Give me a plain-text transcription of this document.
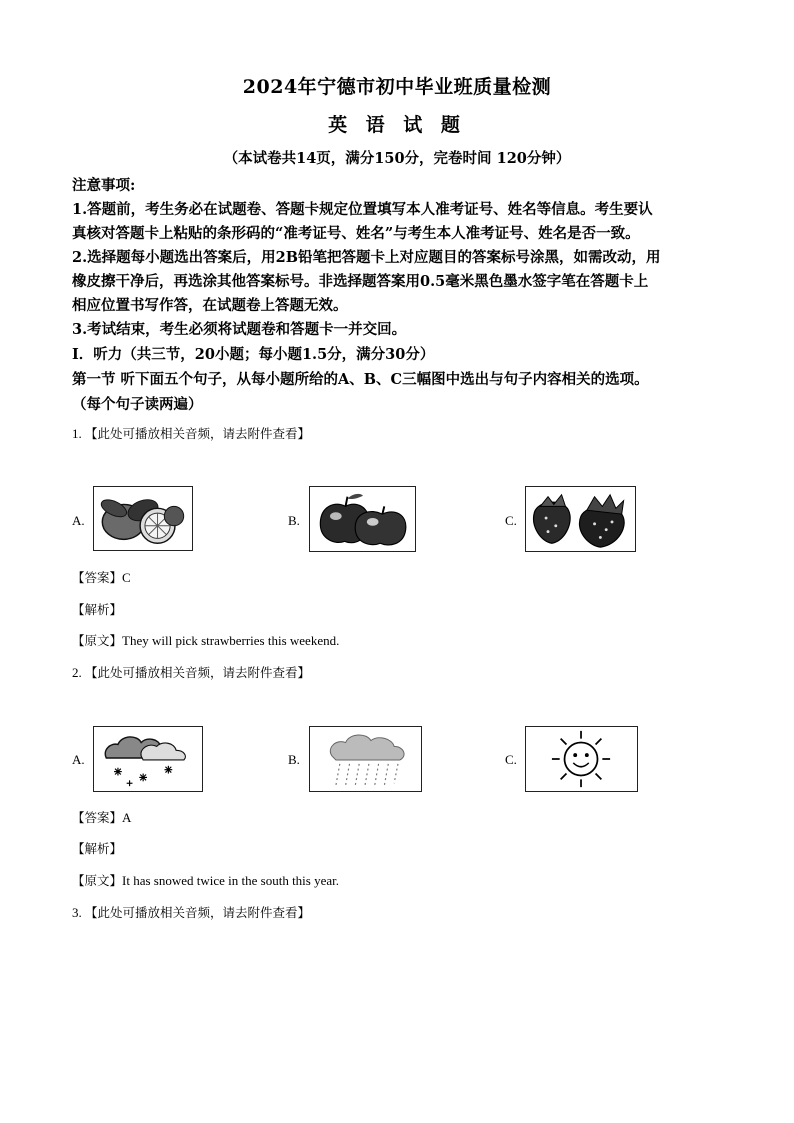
2024年宁德市初中毕业班质量检测
英 语 试 题
（本试卷共14页，满分150分，完卷时间 120分钟）
注意事项:
1.答题前，考生务必在试题卷、答题卡规定位置填写本人准考证号、姓名等信息。考生要认
真核对答题卡上粘贴的条形码的“准考证号、姓名”与考生本人准考证号、姓名是否一致。
2.选择题每小题选出答案后，用2B铅笔把答题卡上对应题目的答案标号涂黑，如需改动，用
橡皮擦干净后，再选涂其他答案标号。非选择题答案用0.5毫米黑色墨水签字笔在答题卡上
相应位置书写作答，在试题卷上答题无效。
3.考试结束，考生必须将试题卷和答题卡一并交回。
Ⅰ．听力（共三节，20小题；每小题1.5分，满分30分）
第一节 听下面五个句子，从每小题所给的A、B、C三幅图中选出与句子内容相关的选项。
（每个句子读两遍）
1. 【此处可播放相关音频，请去附件查看】
A.	B.	C.
【答案】C
【解析】
【原文】They will pick strawberries this weekend.
2. 【此处可播放相关音频，请去附件查看】
A.	B.	C.
【答案】A
【解析】
【原文】It has snowed twice in the south this year.
3. 【此处可播放相关音频，请去附件查看】
